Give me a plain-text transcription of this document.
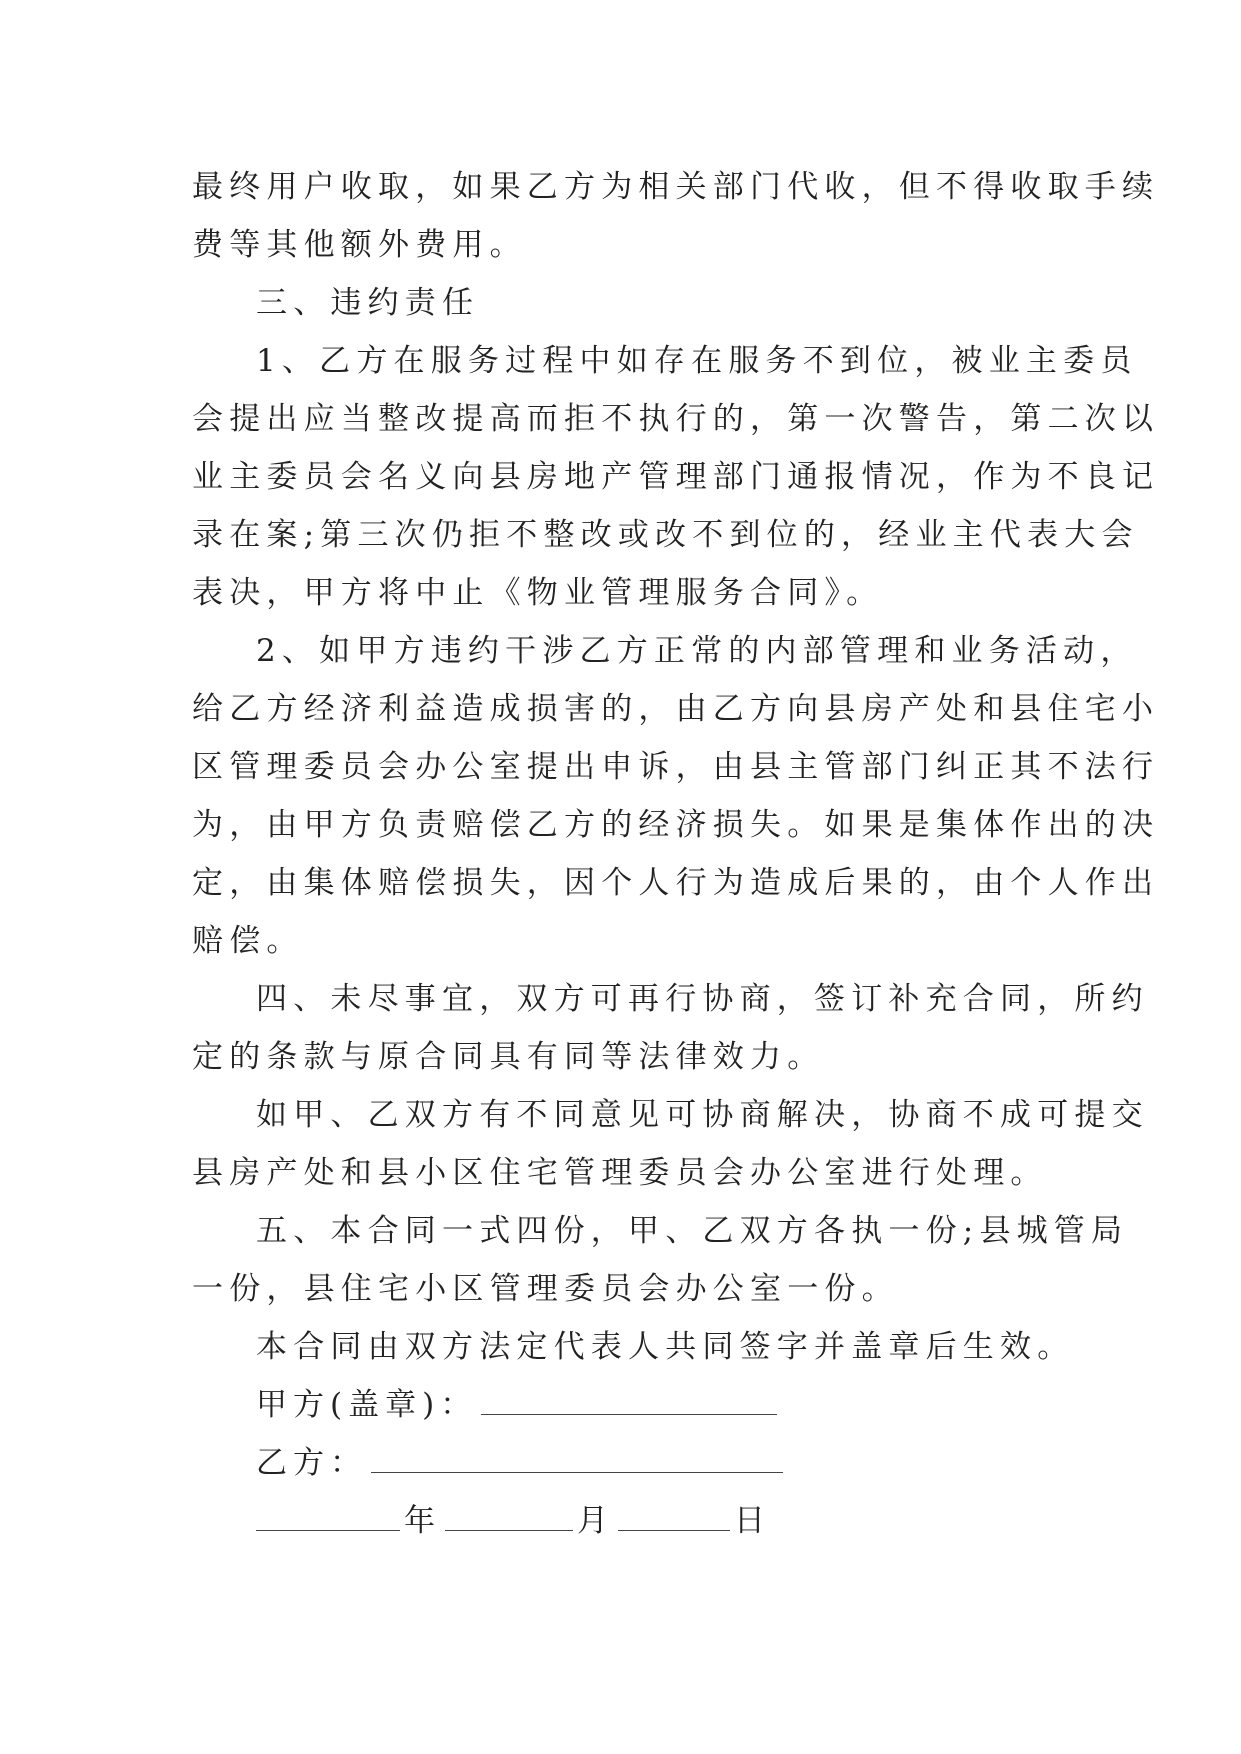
最终用户收取，如果乙方为相关部门代收，但不得收取手续
费等其他额外费用。
三、违约责任
1、乙方在服务过程中如存在服务不到位，被业主委员
会提出应当整改提高而拒不执行的，第一次警告，第二次以
业主委员会名义向县房地产管理部门通报情况，作为不良记
录在案;第三次仍拒不整改或改不到位的，经业主代表大会
表决，甲方将中止《物业管理服务合同》。
2、如甲方违约干涉乙方正常的内部管理和业务活动，
给乙方经济利益造成损害的，由乙方向县房产处和县住宅小
区管理委员会办公室提出申诉，由县主管部门纠正其不法行
为，由甲方负责赔偿乙方的经济损失。如果是集体作出的决
定，由集体赔偿损失，因个人行为造成后果的，由个人作出
赔偿。
四、未尽事宜，双方可再行协商，签订补充合同，所约
定的条款与原合同具有同等法律效力。
如甲、乙双方有不同意见可协商解决，协商不成可提交
县房产处和县小区住宅管理委员会办公室进行处理。
五、本合同一式四份，甲、乙双方各执一份;县城管局
一份，县住宅小区管理委员会办公室一份。
本合同由双方法定代表人共同签字并盖章后生效。
甲方(盖章)：
乙方：
年	月	日
